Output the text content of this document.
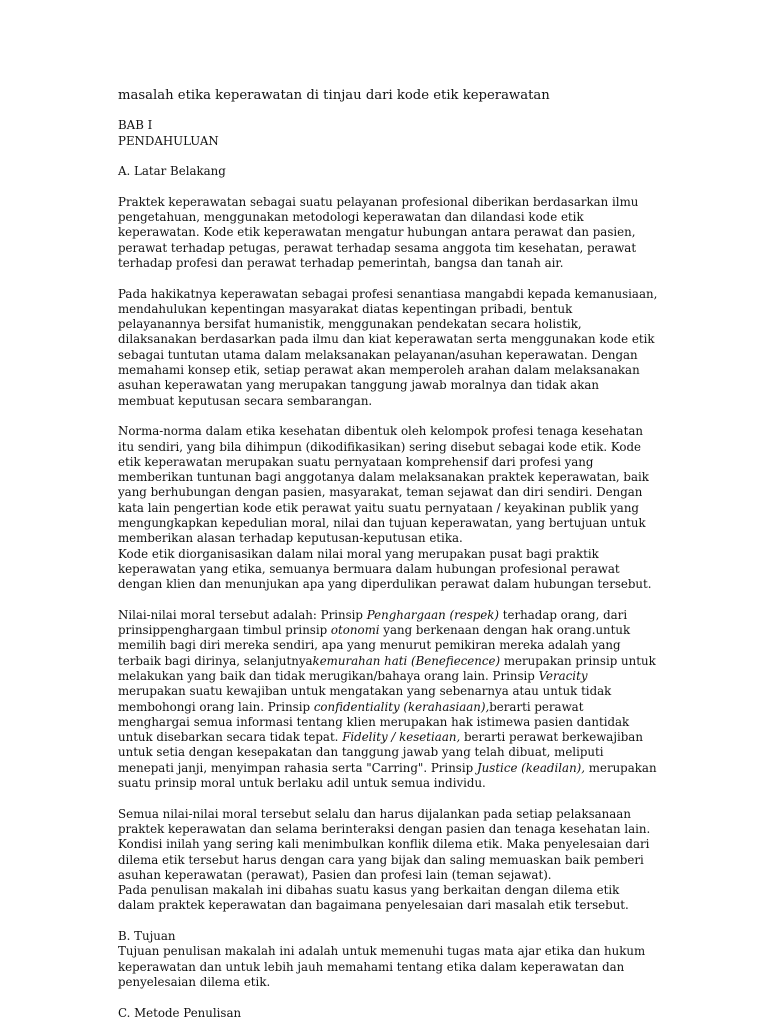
masalah etika keperawatan di tinjau dari kode etik keperawatan

BAB I

PENDAHULUAN

A. Latar Belakang

Praktek keperawatan sebagai suatu pelayanan profesional diberikan berdasarkan ilmu pengetahuan, menggunakan metodologi keperawatan dan dilandasi kode etik keperawatan. Kode etik keperawatan mengatur hubungan antara perawat dan pasien, perawat terhadap petugas, perawat terhadap sesama anggota tim kesehatan, perawat terhadap profesi dan perawat terhadap pemerintah, bangsa dan tanah air.

Pada hakikatnya keperawatan sebagai profesi senantiasa mangabdi kepada kemanusiaan, mendahulukan kepentingan masyarakat diatas kepentingan pribadi, bentuk pelayanannya bersifat humanistik, menggunakan pendekatan secara holistik, dilaksanakan berdasarkan pada ilmu dan kiat keperawatan serta menggunakan kode etik sebagai tuntutan utama dalam melaksanakan pelayanan/asuhan keperawatan. Dengan memahami konsep etik, setiap perawat akan memperoleh arahan dalam melaksanakan asuhan keperawatan yang merupakan tanggung jawab moralnya dan tidak akan membuat keputusan secara sembarangan.

Norma-norma dalam etika kesehatan dibentuk oleh kelompok profesi tenaga kesehatan itu sendiri, yang bila dihimpun (dikodifikasikan) sering disebut sebagai kode etik. Kode etik keperawatan merupakan suatu pernyataan komprehensif dari profesi yang memberikan tuntunan bagi anggotanya dalam melaksanakan praktek keperawatan, baik yang berhubungan dengan pasien, masyarakat, teman sejawat dan diri sendiri. Dengan kata lain pengertian kode etik perawat yaitu suatu pernyataan / keyakinan publik yang mengungkapkan kepedulian moral, nilai dan tujuan keperawatan, yang bertujuan untuk memberikan alasan terhadap keputusan-keputusan etika.

Kode etik diorganisasikan dalam nilai moral yang merupakan pusat bagi praktik keperawatan yang etika, semuanya bermuara dalam hubungan profesional perawat dengan klien dan menunjukan apa yang diperdulikan perawat dalam hubungan tersebut.

Nilai-nilai moral tersebut adalah: Prinsip Penghargaan (respek) terhadap orang, dari prinsippenghargaan timbul prinsip otonomi yang berkenaan dengan hak orang.untuk memilih bagi diri mereka sendiri, apa yang menurut pemikiran mereka adalah yang terbaik bagi dirinya, selanjutnyakemurahan hati (Benefiecence) merupakan prinsip untuk melakukan yang baik dan tidak merugikan/bahaya orang lain. Prinsip Veracity merupakan suatu kewajiban untuk mengatakan yang sebenarnya atau untuk tidak membohongi orang lain. Prinsip confidentiality (kerahasiaan),berarti perawat menghargai semua informasi tentang klien merupakan hak istimewa pasien dantidak untuk disebarkan secara tidak tepat. Fidelity / kesetiaan, berarti perawat berkewajiban untuk setia dengan kesepakatan dan tanggung jawab yang telah dibuat, meliputi menepati janji, menyimpan rahasia serta "Carring". Prinsip Justice (keadilan), merupakan suatu prinsip moral untuk berlaku adil untuk semua individu.

Semua nilai-nilai moral tersebut selalu dan harus dijalankan pada setiap pelaksanaan praktek keperawatan dan selama berinteraksi dengan pasien dan tenaga kesehatan lain. Kondisi inilah yang sering kali menimbulkan konflik dilema etik. Maka penyelesaian dari dilema etik tersebut harus dengan cara yang bijak dan saling memuaskan baik pemberi asuhan keperawatan (perawat), Pasien dan profesi lain (teman sejawat).

Pada penulisan makalah ini dibahas suatu kasus yang berkaitan dengan dilema etik dalam praktek keperawatan dan bagaimana penyelesaian dari masalah etik tersebut.

B. Tujuan

Tujuan penulisan makalah ini adalah untuk memenuhi tugas mata ajar etika dan hukum keperawatan dan untuk lebih jauh memahami tentang etika dalam keperawatan dan penyelesaian dilema etik.

C. Metode Penulisan
